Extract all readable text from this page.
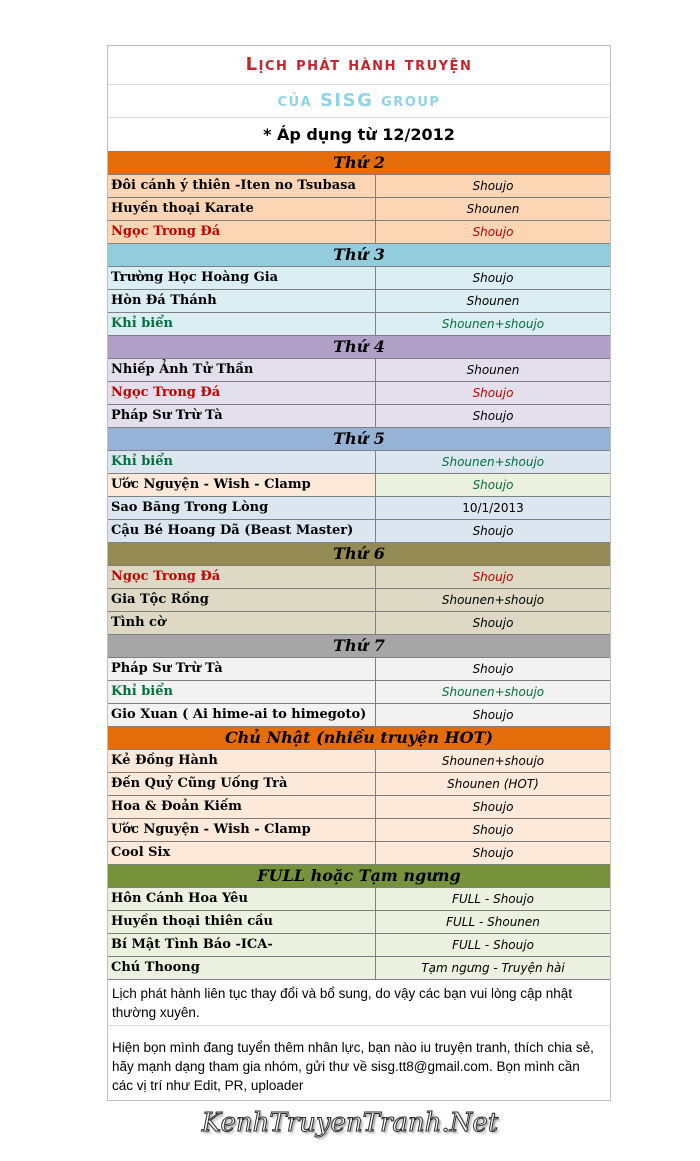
Lịch phát hành truyện
của SISG group
* Áp dụng từ 12/2012
Thứ 2
Đôi cánh ý thiên -Iten no Tsubasa	Shoujo
Huyền thoại Karate	Shounen
Ngọc Trong Đá	Shoujo
Thứ 3
Trường Học Hoàng Gia	Shoujo
Hòn Đá Thánh	Shounen
Khỉ biển	Shounen+shoujo
Thứ 4
Nhiếp Ảnh Tử Thần	Shounen
Ngọc Trong Đá	Shoujo
Pháp Sư Trừ Tà	Shoujo
Thứ 5
Khỉ biển	Shounen+shoujo
Ước Nguyện - Wish - Clamp	Shoujo
Sao Băng Trong Lòng	10/1/2013
Cậu Bé Hoang Dã (Beast Master)	Shoujo
Thứ 6
Ngọc Trong Đá	Shoujo
Gia Tộc Rồng	Shounen+shoujo
Tình cờ	Shoujo
Thứ 7
Pháp Sư Trừ Tà	Shoujo
Khỉ biển	Shounen+shoujo
Gio Xuan ( Ai hime-ai to himegoto)	Shoujo
Chủ Nhật (nhiều truyện HOT)
Kẻ Đồng Hành	Shounen+shoujo
Đến Quỷ Cũng Uống Trà	Shounen (HOT)
Hoa & Đoản Kiếm	Shoujo
Ước Nguyện - Wish - Clamp	Shoujo
Cool Six	Shoujo
FULL hoặc Tạm ngưng
Hôn Cánh Hoa Yêu	FULL - Shoujo
Huyền thoại thiên cầu	FULL - Shounen
Bí Mật Tình Báo -ICA-	FULL - Shoujo
Chú Thoong	Tạm ngưng - Truyện hài
Lịch phát hành liên tục thay đổi và bổ sung, do vậy các bạn vui lòng cập nhật thường xuyên.
Hiện bọn mình đang tuyển thêm nhân lực, bạn nào iu truyện tranh, thích chia sẻ, hãy mạnh dạng tham gia nhóm, gửi thư về sisg.tt8@gmail.com. Bọn mình cần các vị trí như Edit, PR, uploader
KenhTruyenTranh.Net
